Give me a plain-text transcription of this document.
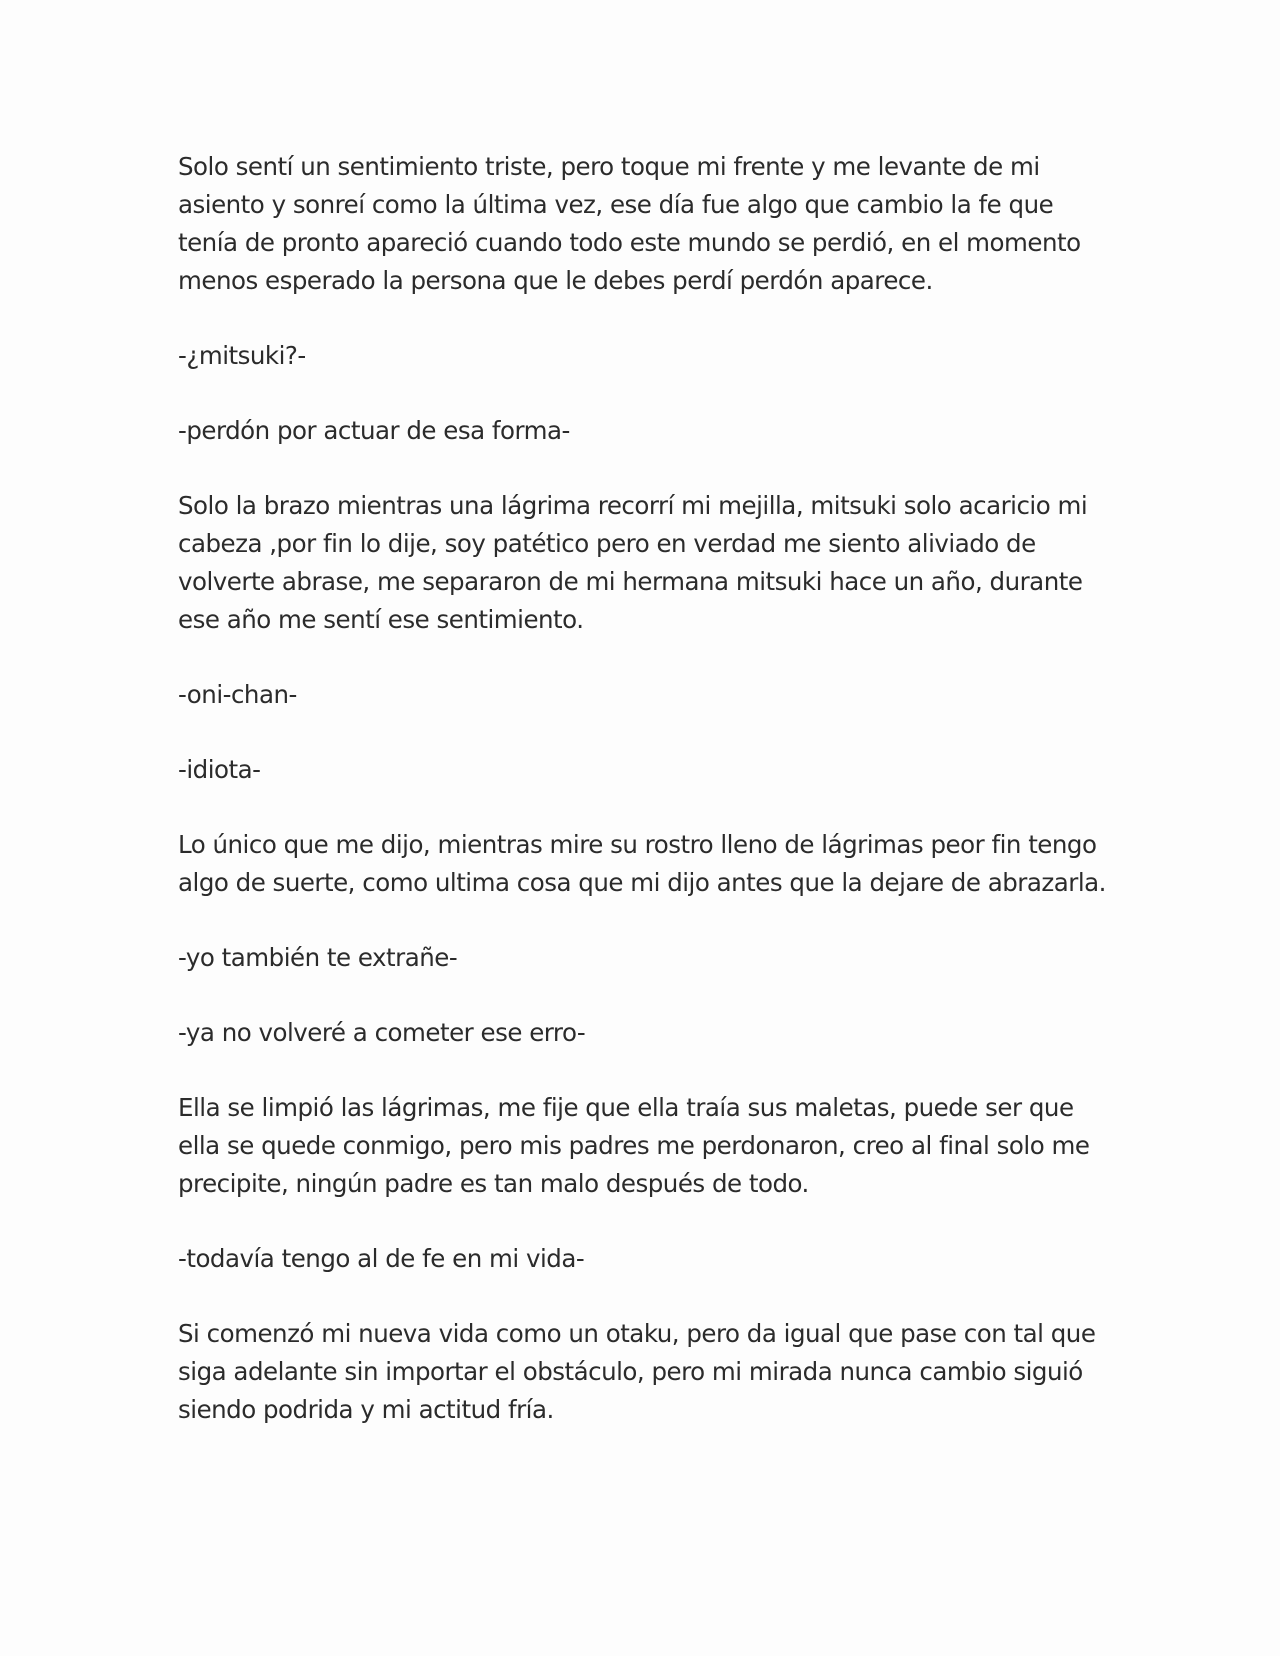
Solo sentí un sentimiento triste, pero toque mi frente y me levante de mi asiento y sonreí como la última vez, ese día fue algo que cambio la fe que tenía de pronto apareció cuando todo este mundo se perdió, en el momento menos esperado la persona que le debes perdí perdón aparece.

-¿mitsuki?-

-perdón por actuar de esa forma-

Solo la brazo mientras una lágrima recorrí mi mejilla, mitsuki solo acaricio mi cabeza ,por fin lo dije, soy patético pero en verdad me siento aliviado de volverte abrase, me separaron de mi hermana mitsuki hace un año, durante ese año me sentí ese sentimiento.

-oni-chan-

-idiota-

Lo único que me dijo, mientras mire su rostro lleno de lágrimas peor fin tengo algo de suerte, como ultima cosa que mi dijo antes que la dejare de abrazarla.

-yo también te extrañe-

-ya no volveré a cometer ese erro-

Ella se limpió las lágrimas, me fije que ella traía sus maletas, puede ser que ella se quede conmigo, pero mis padres me perdonaron, creo al final solo me precipite, ningún padre es tan malo después de todo.

-todavía tengo al de fe en mi vida-

Si comenzó mi nueva vida como un otaku, pero da igual que pase con tal que siga adelante sin importar el obstáculo, pero mi mirada nunca cambio siguió siendo podrida y mi actitud fría.
